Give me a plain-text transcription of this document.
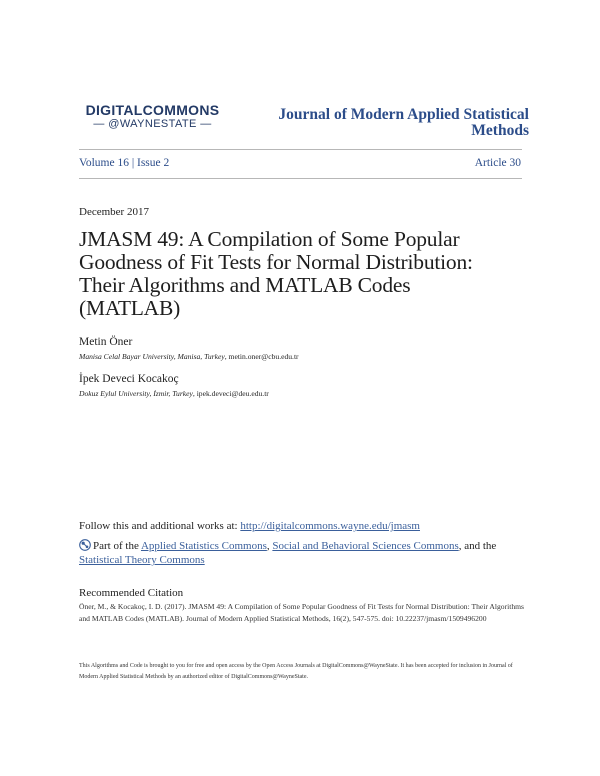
DIGITALCOMMONS
— @WAYNESTATE —
Journal of Modern Applied Statistical
Methods
Volume 16 | Issue 2	Article 30
December 2017
JMASM 49: A Compilation of Some Popular
Goodness of Fit Tests for Normal Distribution:
Their Algorithms and MATLAB Codes
(MATLAB)
Metin Öner
Manisa Celal Bayar University, Manisa, Turkey, metin.oner@cbu.edu.tr
İpek Deveci Kocakoç
Dokuz Eylul University, İzmir, Turkey, ipek.deveci@deu.edu.tr
Follow this and additional works at: http://digitalcommons.wayne.edu/jmasm
Part of the Applied Statistics Commons, Social and Behavioral Sciences Commons, and the
Statistical Theory Commons
Recommended Citation
Öner, M., & Kocakoç, I. D. (2017). JMASM 49: A Compilation of Some Popular Goodness of Fit Tests for Normal Distribution: Their Algorithms and MATLAB Codes (MATLAB). Journal of Modern Applied Statistical Methods, 16(2), 547-575. doi: 10.22237/jmasm/1509496200
This Algorithms and Code is brought to you for free and open access by the Open Access Journals at DigitalCommons@WayneState. It has been accepted for inclusion in Journal of Modern Applied Statistical Methods by an authorized editor of DigitalCommons@WayneState.
